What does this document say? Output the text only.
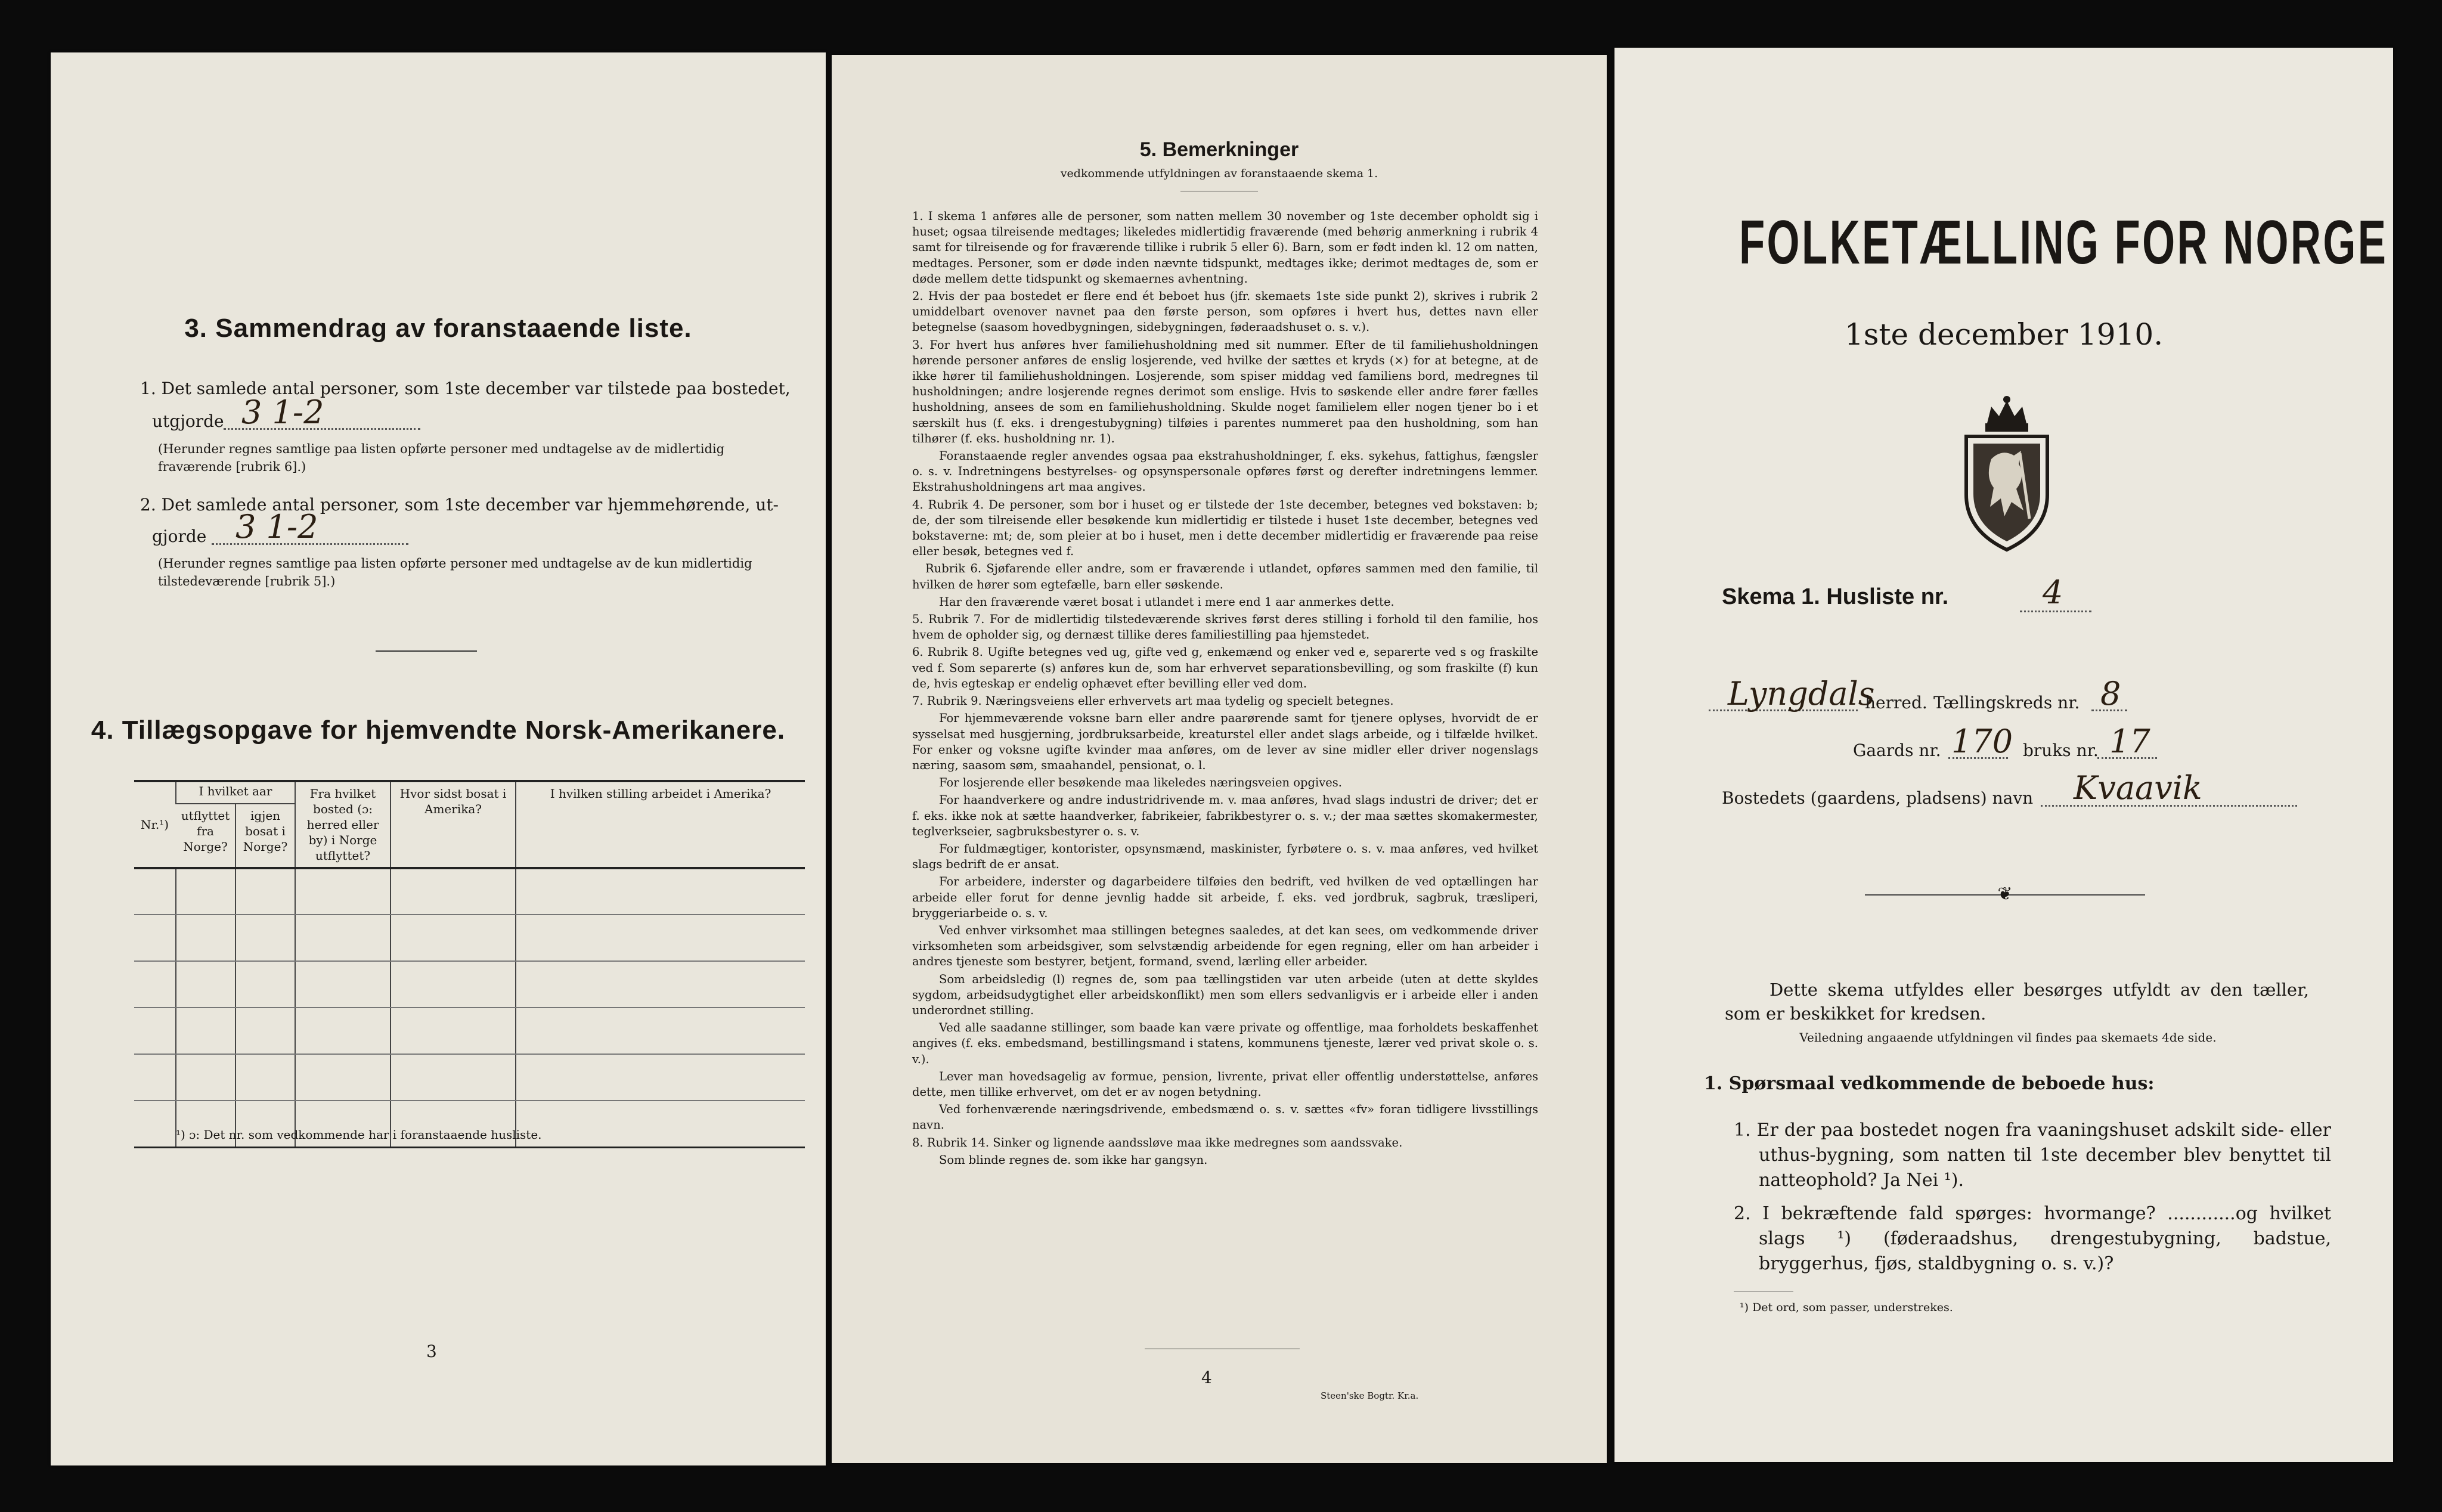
3. Sammendrag av foranstaaende liste.
1. Det samlede antal personer, som 1ste december var tilstede paa bostedet,
utgjorde 3 1-2
(Herunder regnes samtlige paa listen opførte personer med undtagelse av de midlertidig fraværende [rubrik 6].)
2. Det samlede antal personer, som 1ste december var hjemmehørende, ut-
gjorde 3 1-2
(Herunder regnes samtlige paa listen opførte personer med undtagelse av de kun midlertidig tilstedeværende [rubrik 5].)
4. Tillægsopgave for hjemvendte Norsk-Amerikanere.
Nr.¹)	I hvilket aar		Fra hvilket bosted (ɔ: herred eller by) i Norge utflyttet?	Hvor sidst bosat i Amerika?	I hvilken stilling arbeidet i Amerika?
	utflyttet fra Norge?	igjen bosat i Norge?			

¹) ɔ: Det nr. som vedkommende har i foranstaaende husliste.
3
5. Bemerkninger
vedkommende utfyldningen av foranstaaende skema 1.

1. I skema 1 anføres alle de personer, som natten mellem 30 november og 1ste december opholdt sig i huset; ogsaa tilreisende medtages; likeledes midlertidig fraværende (med behørig anmerkning i rubrik 4 samt for tilreisende og for fraværende tillike i rubrik 5 eller 6). Barn, som er født inden kl. 12 om natten, medtages. Personer, som er døde inden nævnte tidspunkt, medtages ikke; derimot medtages de, som er døde mellem dette tidspunkt og skemaernes avhentning.

2. Hvis der paa bostedet er flere end ét beboet hus (jfr. skemaets 1ste side punkt 2), skrives i rubrik 2 umiddelbart ovenover navnet paa den første person, som opføres i hvert hus, dettes navn eller betegnelse (saasom hovedbygningen, sidebygningen, føderaadshuset o. s. v.).

3. For hvert hus anføres hver familiehusholdning med sit nummer. Efter de til familiehusholdningen hørende personer anføres de enslig losjerende, ved hvilke der sættes et kryds (×) for at betegne, at de ikke hører til familiehusholdningen. Losjerende, som spiser middag ved familiens bord, medregnes til husholdningen; andre losjerende regnes derimot som enslige. Hvis to søskende eller andre fører fælles husholdning, ansees de som en familiehusholdning. Skulde noget familielem eller nogen tjener bo i et særskilt hus (f. eks. i drengestubygning) tilføies i parentes nummeret paa den husholdning, som han tilhører (f. eks. husholdning nr. 1).

Foranstaaende regler anvendes ogsaa paa ekstrahusholdninger, f. eks. sykehus, fattighus, fængsler o. s. v. Indretningens bestyrelses- og opsynspersonale opføres først og derefter indretningens lemmer. Ekstrahusholdningens art maa angives.

4. Rubrik 4. De personer, som bor i huset og er tilstede der 1ste december, betegnes ved bokstaven: b; de, der som tilreisende eller besøkende kun midlertidig er tilstede i huset 1ste december, betegnes ved bokstaverne: mt; de, som pleier at bo i huset, men i dette december midlertidig er fraværende paa reise eller besøk, betegnes ved f.

Rubrik 6. Sjøfarende eller andre, som er fraværende i utlandet, opføres sammen med den familie, til hvilken de hører som egtefælle, barn eller søskende.

Har den fraværende været bosat i utlandet i mere end 1 aar anmerkes dette.

5. Rubrik 7. For de midlertidig tilstedeværende skrives først deres stilling i forhold til den familie, hos hvem de opholder sig, og dernæst tillike deres familiestilling paa hjemstedet.

6. Rubrik 8. Ugifte betegnes ved ug, gifte ved g, enkemænd og enker ved e, separerte ved s og fraskilte ved f. Som separerte (s) anføres kun de, som har erhvervet separationsbevilling, og som fraskilte (f) kun de, hvis egteskap er endelig ophævet efter bevilling eller ved dom.

7. Rubrik 9. Næringsveiens eller erhvervets art maa tydelig og specielt betegnes.

For hjemmeværende voksne barn eller andre paarørende samt for tjenere oplyses, hvorvidt de er sysselsat med husgjerning, jordbruksarbeide, kreaturstel eller andet slags arbeide, og i tilfælde hvilket. For enker og voksne ugifte kvinder maa anføres, om de lever av sine midler eller driver nogenslags næring, saasom søm, smaahandel, pensionat, o. l.

For losjerende eller besøkende maa likeledes næringsveien opgives.

For haandverkere og andre industridrivende m. v. maa anføres, hvad slags industri de driver; det er f. eks. ikke nok at sætte haandverker, fabrikeier, fabrikbestyrer o. s. v.; der maa sættes skomakermester, teglverkseier, sagbruksbestyrer o. s. v.

For fuldmægtiger, kontorister, opsynsmænd, maskinister, fyrbøtere o. s. v. maa anføres, ved hvilket slags bedrift de er ansat.

For arbeidere, inderster og dagarbeidere tilføies den bedrift, ved hvilken de ved optællingen har arbeide eller forut for denne jevnlig hadde sit arbeide, f. eks. ved jordbruk, sagbruk, træsliperi, bryggeriarbeide o. s. v.

Ved enhver virksomhet maa stillingen betegnes saaledes, at det kan sees, om vedkommende driver virksomheten som arbeidsgiver, som selvstændig arbeidende for egen regning, eller om han arbeider i andres tjeneste som bestyrer, betjent, formand, svend, lærling eller arbeider.

Som arbeidsledig (l) regnes de, som paa tællingstiden var uten arbeide (uten at dette skyldes sygdom, arbeidsudygtighet eller arbeidskonflikt) men som ellers sedvanligvis er i arbeide eller i anden underordnet stilling.

Ved alle saadanne stillinger, som baade kan være private og offentlige, maa forholdets beskaffenhet angives (f. eks. embedsmand, bestillingsmand i statens, kommunens tjeneste, lærer ved privat skole o. s. v.).

Lever man hovedsagelig av formue, pension, livrente, privat eller offentlig understøttelse, anføres dette, men tillike erhvervet, om det er av nogen betydning.

Ved forhenværende næringsdrivende, embedsmænd o. s. v. sættes «fv» foran tidligere livsstillings navn.

8. Rubrik 14. Sinker og lignende aandssløve maa ikke medregnes som aandssvake.

Som blinde regnes de. som ikke har gangsyn.

4
Steen'ske Bogtr. Kr.a.
FOLKETÆLLING FOR NORGE
1ste december 1910.
Skema 1. Husliste nr.	4
Lyngdals
herred. Tællingskreds nr. 8
Gaards nr. 170 bruks nr. 17
Bostedets (gaardens, pladsens) navn Kvaavik
❦
Dette skema utfyldes eller besørges utfyldt av den tæller, som er beskikket for kredsen.
Veiledning angaaende utfyldningen vil findes paa skemaets 4de side.
1. Spørsmaal vedkommende de beboede hus:
1. Er der paa bostedet nogen fra vaaningshuset adskilt side- eller uthus-bygning, som natten til 1ste december blev benyttet til natteophold? Ja Nei ¹).
2. I bekræftende fald spørges: hvormange? ............og hvilket slags ¹) (føderaadshus, drengestubygning, badstue, bryggerhus, fjøs, staldbygning o. s. v.)?
¹) Det ord, som passer, understrekes.
